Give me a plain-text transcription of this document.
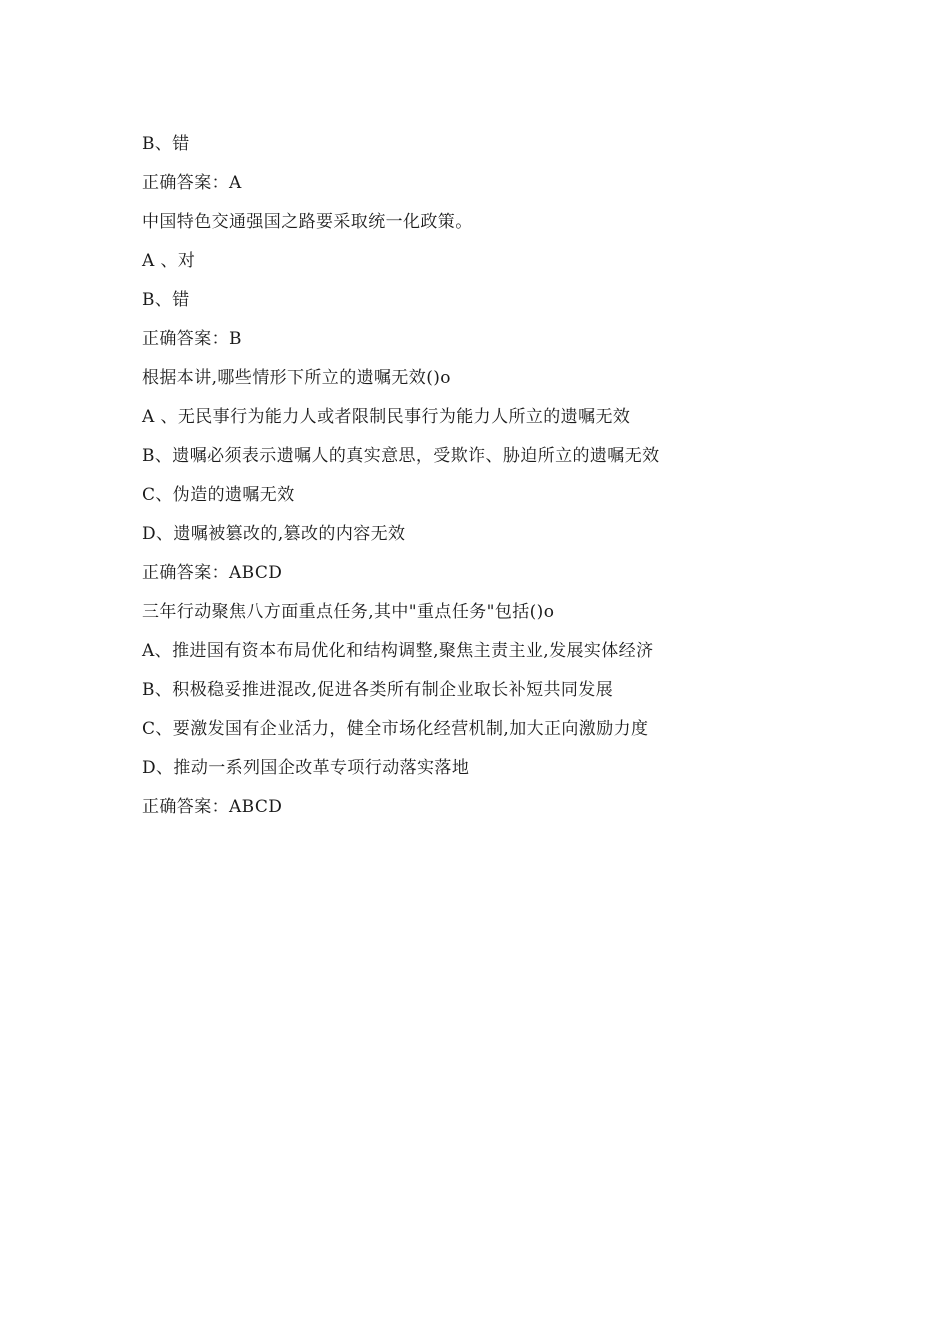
B、错
正确答案：A
中国特色交通强国之路要采取统一化政策。
A 、对
B、错
正确答案：B
根据本讲,哪些情形下所立的遗嘱无效()o
A 、无民事行为能力人或者限制民事行为能力人所立的遗嘱无效
B、遗嘱必须表示遗嘱人的真实意思，受欺诈、胁迫所立的遗嘱无效
C、伪造的遗嘱无效
D、遗嘱被篡改的,篡改的内容无效
正确答案：ABCD
三年行动聚焦八方面重点任务,其中"重点任务"包括()o
A、推进国有资本布局优化和结构调整,聚焦主责主业,发展实体经济
B、积极稳妥推进混改,促进各类所有制企业取长补短共同发展
C、要激发国有企业活力，健全市场化经营机制,加大正向激励力度
D、推动一系列国企改革专项行动落实落地
正确答案：ABCD
